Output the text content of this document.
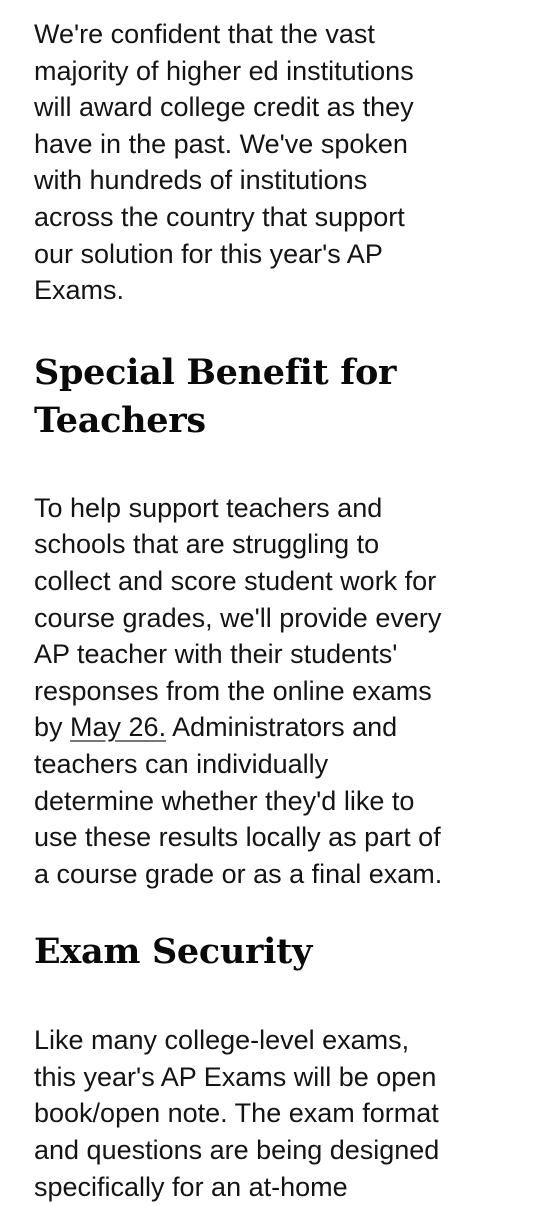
We're confident that the vast
majority of higher ed institutions
will award college credit as they
have in the past. We've spoken
with hundreds of institutions
across the country that support
our solution for this year's AP
Exams.

Special Benefit for
Teachers

To help support teachers and
schools that are struggling to
collect and score student work for
course grades, we'll provide every
AP teacher with their students'
responses from the online exams
by May 26. Administrators and
teachers can individually
determine whether they'd like to
use these results locally as part of
a course grade or as a final exam.

Exam Security

Like many college-level exams,
this year's AP Exams will be open
book/open note. The exam format
and questions are being designed
specifically for an at-home
